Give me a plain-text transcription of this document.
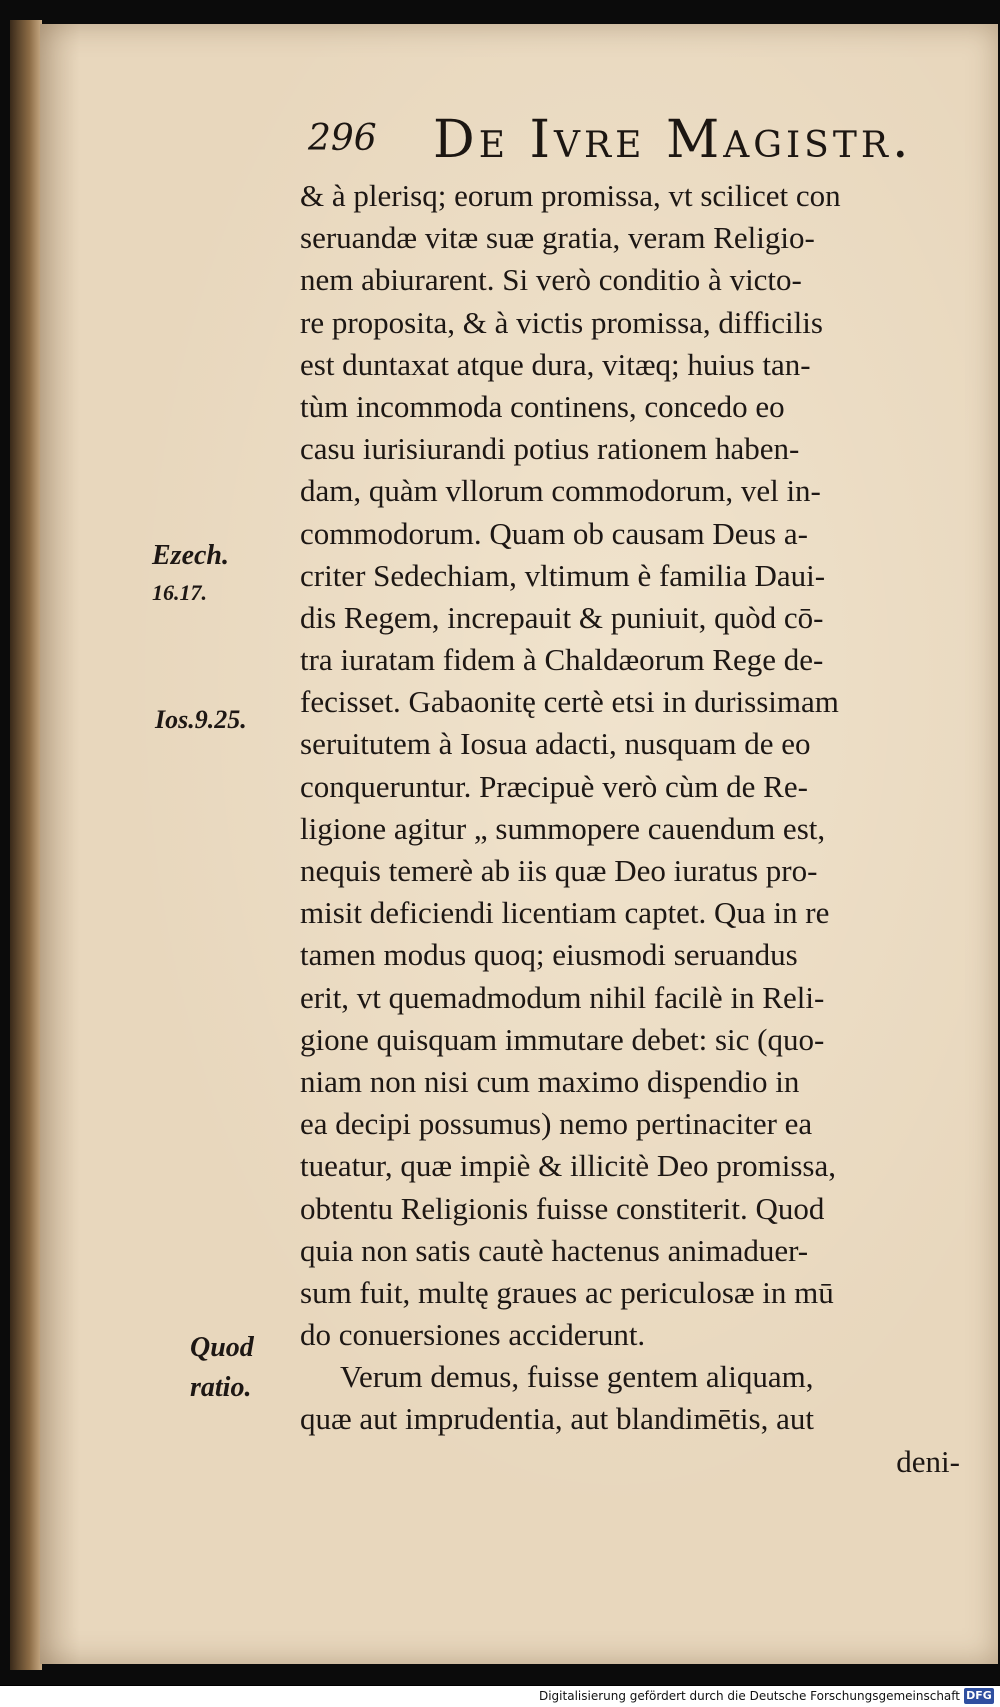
296 De Ivre Magistr.
& à plerisq; eorum promissa, vt scilicet con
seruandæ vitæ suæ gratia, veram Religio-
nem abiurarent. Si verò conditio à victo-
re proposita, & à victis promissa, difficilis
est duntaxat atque dura, vitæq; huius tan-
tùm incommoda continens, concedo eo
casu iurisiurandi potius rationem haben-
dam, quàm vllorum commodorum, vel in-
commodorum. Quam ob causam Deus a-
criter Sedechiam, vltimum è familia Daui-
dis Regem, increpauit & puniuit, quòd cō-
tra iuratam fidem à Chaldæorum Rege de-
fecisset. Gabaonitę certè etsi in durissimam
seruitutem à Iosua adacti, nusquam de eo
conqueruntur. Præcipuè verò cùm de Re-
ligione agitur „ summopere cauendum est,
nequis temerè ab iis quæ Deo iuratus pro-
misit deficiendi licentiam captet. Qua in re
tamen modus quoq; eiusmodi seruandus
erit, vt quemadmodum nihil facilè in Reli-
gione quisquam immutare debet: sic (quo-
niam non nisi cum maximo dispendio in
ea decipi possumus) nemo pertinaciter ea
tueatur, quæ impiè & illicitè Deo promissa,
obtentu Religionis fuisse constiterit. Quod
quia non satis cautè hactenus animaduer-
sum fuit, multę graues ac periculosæ in mū
do conuersiones acciderunt.
Verum demus, fuisse gentem aliquam,
quæ aut imprudentia, aut blandimētis, aut
deni-
Ezech.
16.17.
Ios.9.25.
Quod
ratio.
Digitalisierung gefördert durch die Deutsche Forschungsgemeinschaft DFG
